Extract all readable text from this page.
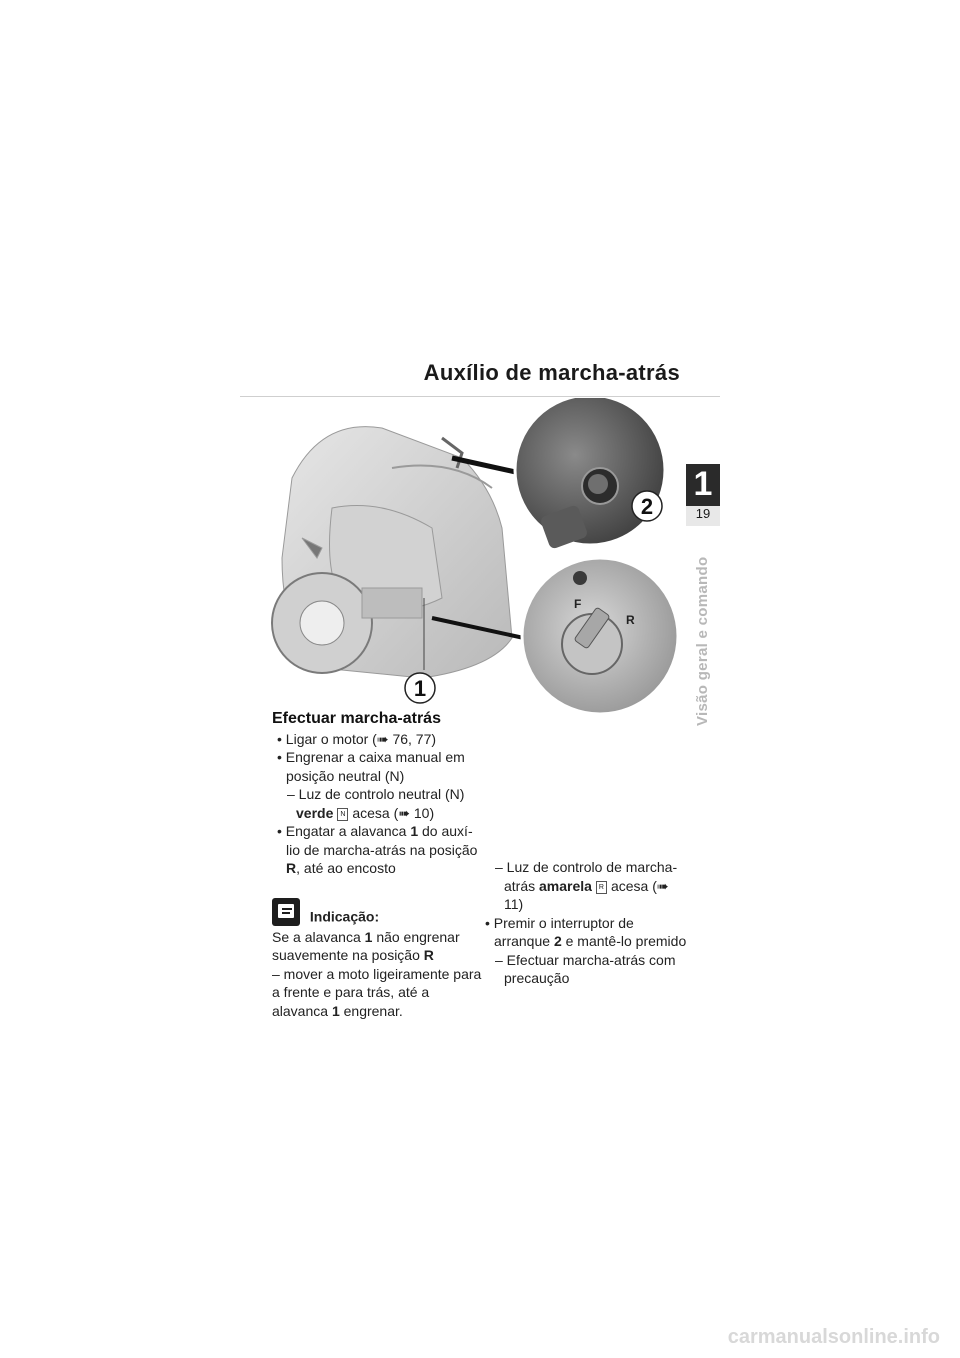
Auxílio de marcha-atrás
F
R
2
1
1
19
Visão geral e comando
Efectuar marcha-atrás
• Ligar o motor (➠ 76, 77)
• Engrenar a caixa manual em posição neutral (N)
– Luz de controlo neutral (N)
verde N acesa (➠ 10)
• Engatar a alavanca 1 do auxí-lio de marcha-atrás na posição R, até ao encosto
Indicação:
Se a alavanca 1 não engrenar suavemente na posição R
– mover a moto ligeiramente para a frente e para trás, até a alavanca 1 engrenar.
– Luz de controlo de marcha-atrás amarela R acesa (➠ 11)
• Premir o interruptor de arranque 2 e mantê-lo premido
– Efectuar marcha-atrás com precaução
carmanualsonline.info
